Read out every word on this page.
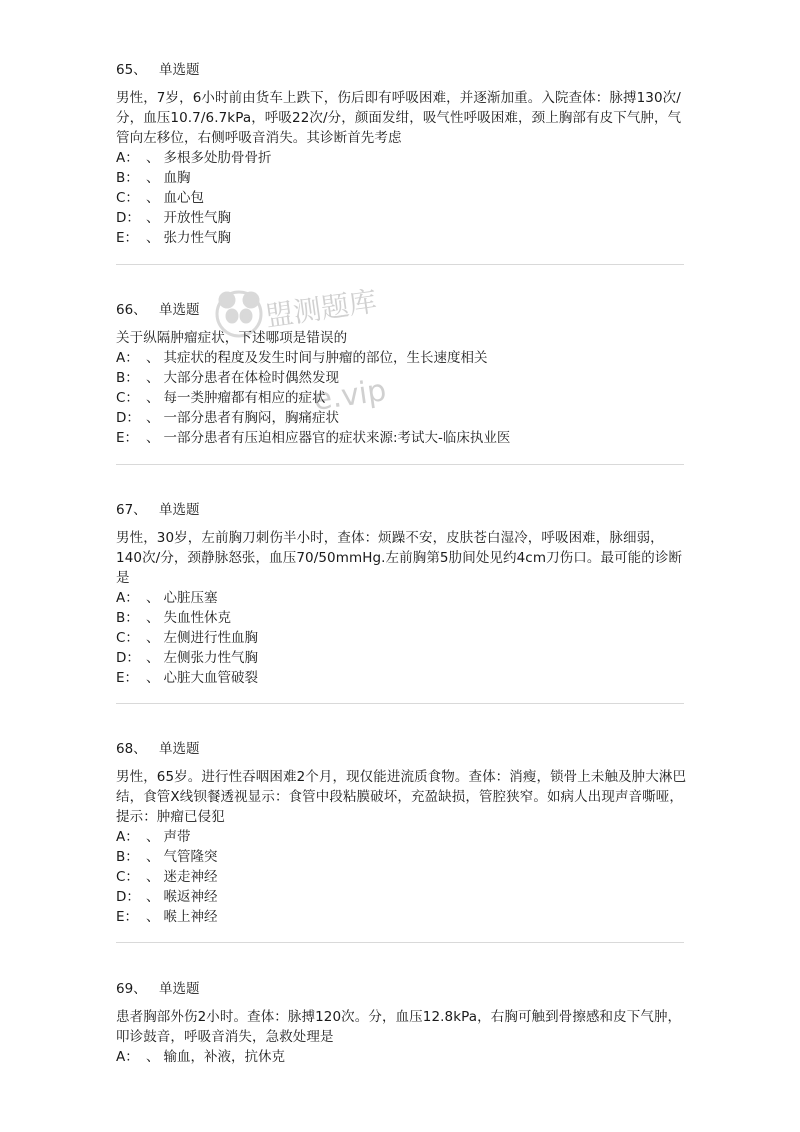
盟测题库
e.vip
65、 单选题
男性，7岁，6小时前由货车上跌下，伤后即有呼吸困难，并逐渐加重。入院查体：脉搏130次/分，血压10.7/6.7kPa，呼吸22次/分，颜面发绀，吸气性呼吸困难，颈上胸部有皮下气肿，气管向左移位，右侧呼吸音消失。其诊断首先考虑
A： 、 多根多处肋骨骨折
B： 、 血胸
C： 、 血心包
D： 、 开放性气胸
E： 、 张力性气胸
66、 单选题
关于纵隔肿瘤症状，下述哪项是错误的
A： 、 其症状的程度及发生时间与肿瘤的部位，生长速度相关
B： 、 大部分患者在体检时偶然发现
C： 、 每一类肿瘤都有相应的症状
D： 、 一部分患者有胸闷，胸痛症状
E： 、 一部分患者有压迫相应器官的症状来源:考试大-临床执业医
67、 单选题
男性，30岁，左前胸刀刺伤半小时，查体：烦躁不安，皮肤苍白湿冷，呼吸困难，脉细弱，140次/分，颈静脉怒张，血压70/50mmHg.左前胸第5肋间处见约4cm刀伤口。最可能的诊断是
A： 、 心脏压塞
B： 、 失血性休克
C： 、 左侧进行性血胸
D： 、 左侧张力性气胸
E： 、 心脏大血管破裂
68、 单选题
男性，65岁。进行性吞咽困难2个月，现仅能进流质食物。查体：消瘦，锁骨上未触及肿大淋巴结，食管X线钡餐透视显示：食管中段粘膜破坏，充盈缺损，管腔狭窄。如病人出现声音嘶哑，提示：肿瘤已侵犯
A： 、 声带
B： 、 气管隆突
C： 、 迷走神经
D： 、 喉返神经
E： 、 喉上神经
69、 单选题
患者胸部外伤2小时。查体：脉搏120次。分，血压12.8kPa，右胸可触到骨擦感和皮下气肿，叩诊鼓音，呼吸音消失，急救处理是
A： 、 输血，补液，抗休克
